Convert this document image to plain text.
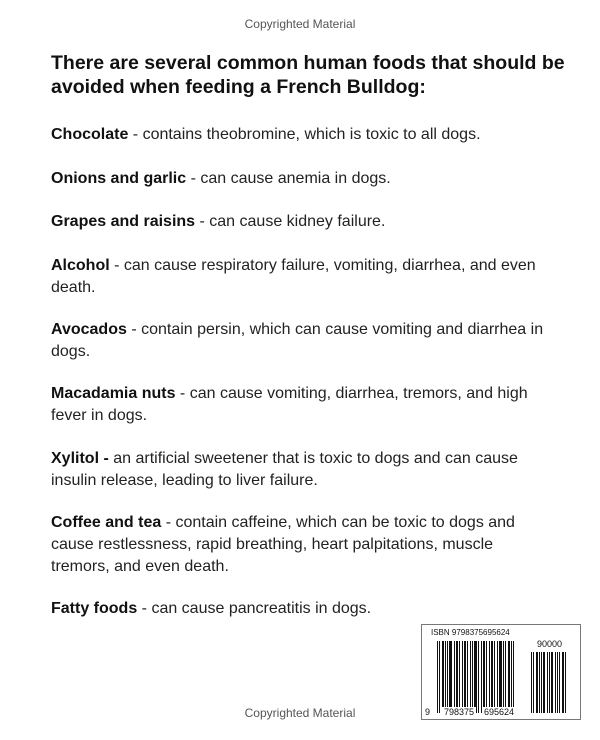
Copyrighted Material
There are several common human foods that should be avoided when feeding a French Bulldog:
Chocolate - contains theobromine, which is toxic to all dogs.
Onions and garlic - can cause anemia in dogs.
Grapes and raisins - can cause kidney failure.
Alcohol - can cause respiratory failure, vomiting, diarrhea, and even death.
Avocados - contain persin, which can cause vomiting and diarrhea in dogs.
Macadamia nuts - can cause vomiting, diarrhea, tremors, and high fever in dogs.
Xylitol - an artificial sweetener that is toxic to dogs and can cause insulin release, leading to liver failure.
Coffee and tea - contain caffeine, which can be toxic to dogs and cause restlessness, rapid breathing, heart palpitations, muscle tremors, and even death.
Fatty foods - can cause pancreatitis in dogs.
ISBN 9798375695624
90000
9 798375 695624
Copyrighted Material
